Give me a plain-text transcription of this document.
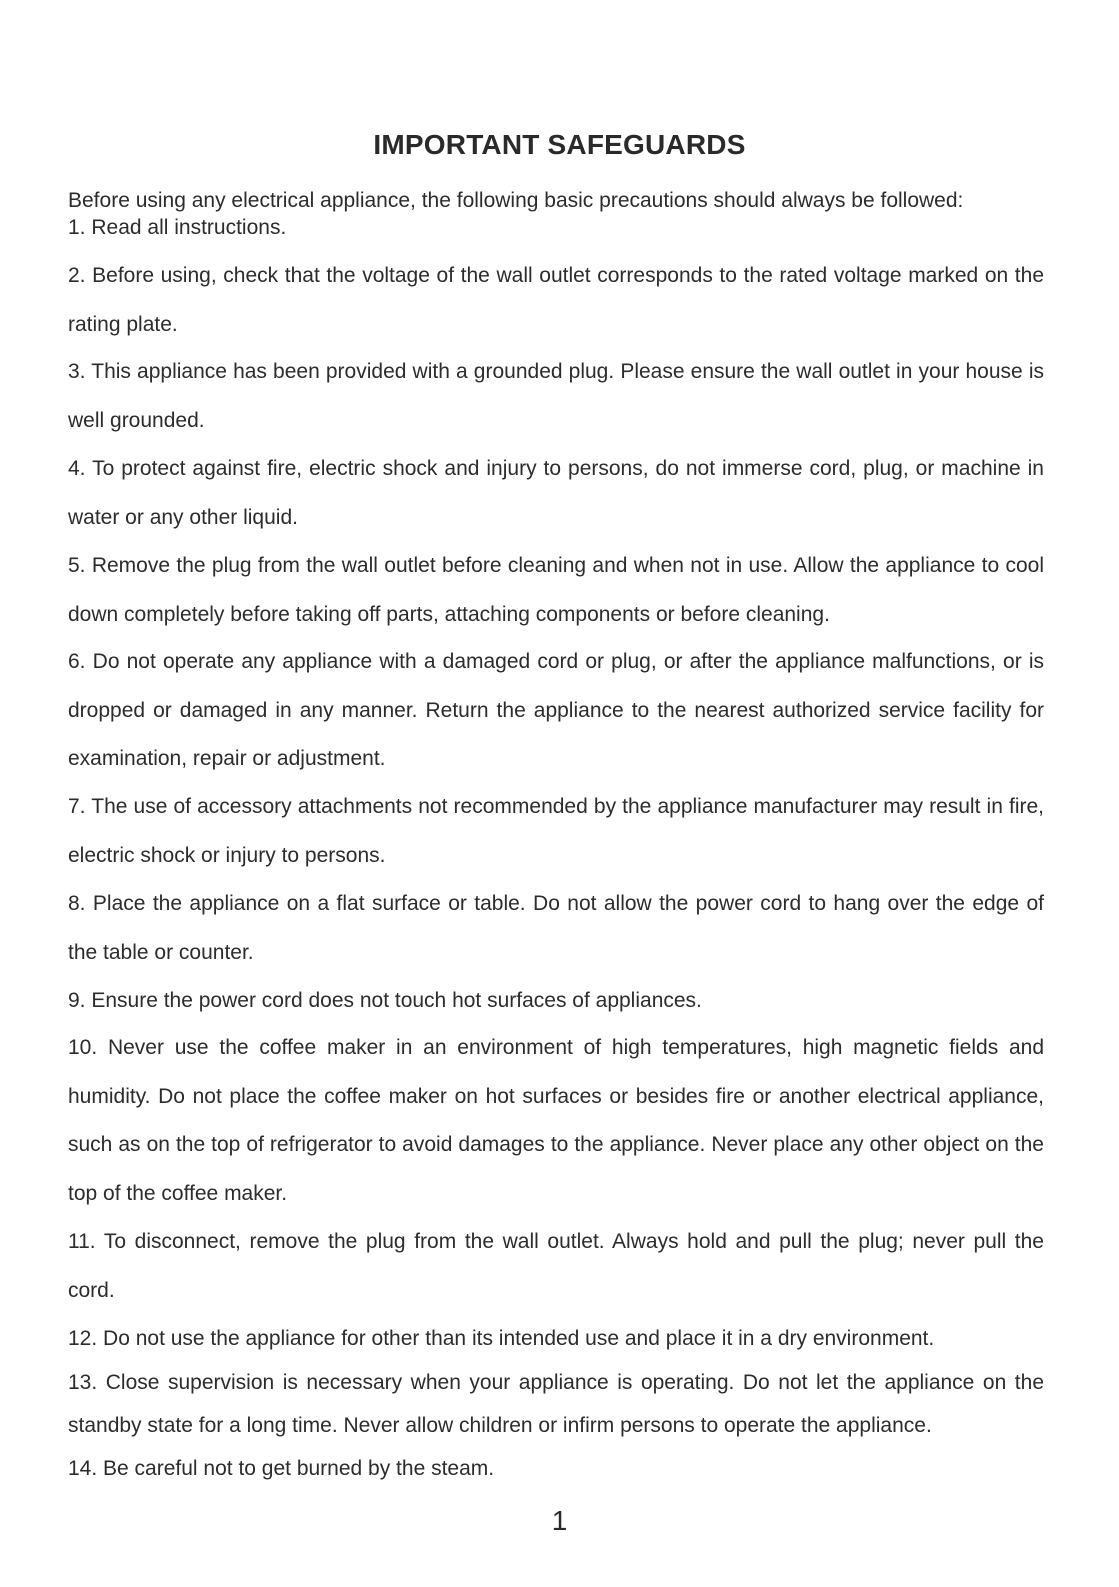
IMPORTANT SAFEGUARDS

Before using any electrical appliance, the following basic precautions should always be followed:

1. Read all instructions.
2. Before using, check that the voltage of the wall outlet corresponds to the rated voltage marked on the rating plate.
3. This appliance has been provided with a grounded plug. Please ensure the wall outlet in your house is well grounded.
4. To protect against fire, electric shock and injury to persons, do not immerse cord, plug, or machine in water or any other liquid.
5. Remove the plug from the wall outlet before cleaning and when not in use. Allow the appliance to cool down completely before taking off parts, attaching components or before cleaning.
6. Do not operate any appliance with a damaged cord or plug, or after the appliance malfunctions, or is dropped or damaged in any manner. Return the appliance to the nearest authorized service facility for examination, repair or adjustment.
7. The use of accessory attachments not recommended by the appliance manufacturer may result in fire, electric shock or injury to persons.
8. Place the appliance on a flat surface or table. Do not allow the power cord to hang over the edge of the table or counter.
9. Ensure the power cord does not touch hot surfaces of appliances.
10. Never use the coffee maker in an environment of high temperatures, high magnetic fields and humidity. Do not place the coffee maker on hot surfaces or besides fire or another electrical appliance, such as on the top of refrigerator to avoid damages to the appliance. Never place any other object on the top of the coffee maker.
11. To disconnect, remove the plug from the wall outlet. Always hold and pull the plug; never pull the cord.
12. Do not use the appliance for other than its intended use and place it in a dry environment.
13. Close supervision is necessary when your appliance is operating. Do not let the appliance on the standby state for a long time. Never allow children or infirm persons to operate the appliance.
14. Be careful not to get burned by the steam.
1
